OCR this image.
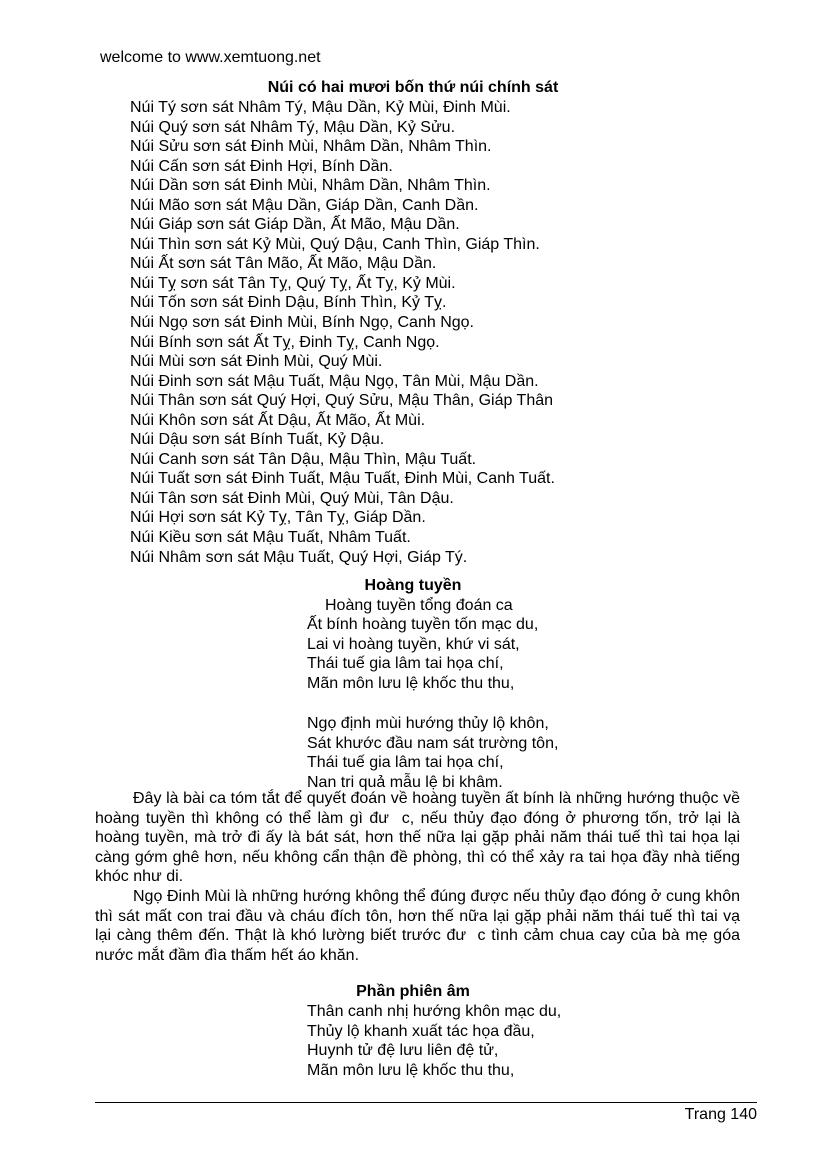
welcome to www.xemtuong.net
Núi có hai mươi bốn thứ núi chính sát
Núi Tý sơn sát Nhâm Tý, Mậu Dần, Kỷ Mùi, Đinh Mùi.
Núi Quý sơn sát Nhâm Tý, Mậu Dần, Kỷ Sửu.
Núi Sửu sơn sát Đinh Mùi, Nhâm Dần, Nhâm Thìn.
Núi Cấn sơn sát Đinh Hợi, Bính Dần.
Núi Dần sơn sát Đinh Mùi, Nhâm Dần, Nhâm Thìn.
Núi Mão sơn sát Mậu Dần, Giáp Dần, Canh Dần.
Núi Giáp sơn sát Giáp Dần, Ất Mão, Mậu Dần.
Núi Thìn sơn sát Kỷ Mùi, Quý Dậu, Canh Thìn, Giáp Thìn.
Núi Ất sơn sát Tân Mão, Ất Mão, Mậu Dần.
Núi Tỵ sơn sát Tân Tỵ, Quý Tỵ, Ất Tỵ, Kỷ Mùi.
Núi Tốn sơn sát Đinh Dậu, Bính Thìn, Kỷ Tỵ.
Núi Ngọ sơn sát Đinh Mùi, Bính Ngọ, Canh Ngọ.
Núi Bính sơn sát Ất Tỵ, Đinh Tỵ, Canh Ngọ.
Núi Mùi sơn sát Đinh Mùi, Quý Mùi.
Núi Đinh sơn sát Mậu Tuất, Mậu Ngọ, Tân Mùi, Mậu Dần.
Núi Thân sơn sát Quý Hợi, Quý Sửu, Mậu Thân, Giáp Thân
Núi Khôn sơn sát Ất Dậu, Ất Mão, Ất Mùi.
Núi Dậu sơn sát Bính Tuất, Kỷ Dậu.
Núi Canh sơn sát Tân Dậu, Mậu Thìn, Mậu Tuất.
Núi Tuất sơn sát Đinh Tuất, Mậu Tuất, Đinh Mùi, Canh Tuất.
Núi Tân sơn sát Đinh Mùi, Quý Mùi, Tân Dậu.
Núi Hợi sơn sát Kỷ Tỵ, Tân Tỵ, Giáp Dần.
Núi Kiều sơn sát Mậu Tuất, Nhâm Tuất.
Núi Nhâm sơn sát Mậu Tuất, Quý Hợi, Giáp Tý.
Hoàng tuyền
Hoàng tuyền tổng đoán ca
Ất bính hoàng tuyền tốn mạc du,
Lai vi hoàng tuyền, khứ vi sát,
Thái tuế gia lâm tai họa chí,
Mãn môn lưu lệ khốc thu thu,
Ngọ định mùi hướng thủy lộ khôn,
Sát khước đầu nam sát trường tôn,
Thái tuế gia lâm tai họa chí,
Nan tri quả mẫu lệ bi khâm.

Đây là bài ca tóm tắt để quyết đoán về hoàng tuyền ất bính là những hướng thuộc về hoàng tuyền thì không có thể làm gì đư  c, nếu thủy đạo đóng ở phương tốn, trở lại là hoàng tuyền, mà trở đi ấy là bát sát, hơn thế nữa lại gặp phải năm thái tuế thì tai họa lại càng gớm ghê hơn, nếu không cẩn thận đề phòng, thì có thể xảy ra tai họa đầy nhà tiếng khóc như di.

Ngọ Đinh Mùi là những hướng không thể đúng được nếu thủy đạo đóng ở cung khôn thì sát mất con trai đầu và cháu đích tôn, hơn thế nữa lại gặp phải năm thái tuế thì tai vạ lại càng thêm đến. Thật là khó lường biết trước đư  c tình cảm chua cay của bà mẹ góa nước mắt đầm đìa thấm hết áo khăn.

Phần phiên âm
Thân canh nhị hướng khôn mạc du,
Thủy lộ khanh xuất tác họa đầu,
Huynh tử đệ lưu liên đệ tử,
Mãn môn lưu lệ khốc thu thu,
Trang 140
